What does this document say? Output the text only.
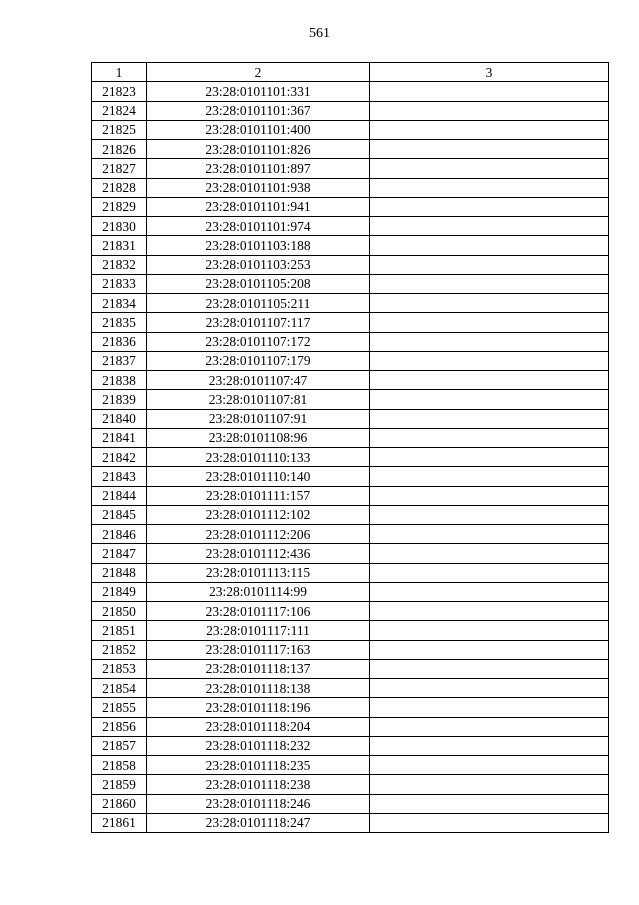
561
1	2	3
21823	23:28:0101101:331	
21824	23:28:0101101:367	
21825	23:28:0101101:400	
21826	23:28:0101101:826	
21827	23:28:0101101:897	
21828	23:28:0101101:938	
21829	23:28:0101101:941	
21830	23:28:0101101:974	
21831	23:28:0101103:188	
21832	23:28:0101103:253	
21833	23:28:0101105:208	
21834	23:28:0101105:211	
21835	23:28:0101107:117	
21836	23:28:0101107:172	
21837	23:28:0101107:179	
21838	23:28:0101107:47	
21839	23:28:0101107:81	
21840	23:28:0101107:91	
21841	23:28:0101108:96	
21842	23:28:0101110:133	
21843	23:28:0101110:140	
21844	23:28:0101111:157	
21845	23:28:0101112:102	
21846	23:28:0101112:206	
21847	23:28:0101112:436	
21848	23:28:0101113:115	
21849	23:28:0101114:99	
21850	23:28:0101117:106	
21851	23:28:0101117:111	
21852	23:28:0101117:163	
21853	23:28:0101118:137	
21854	23:28:0101118:138	
21855	23:28:0101118:196	
21856	23:28:0101118:204	
21857	23:28:0101118:232	
21858	23:28:0101118:235	
21859	23:28:0101118:238	
21860	23:28:0101118:246	
21861	23:28:0101118:247	
